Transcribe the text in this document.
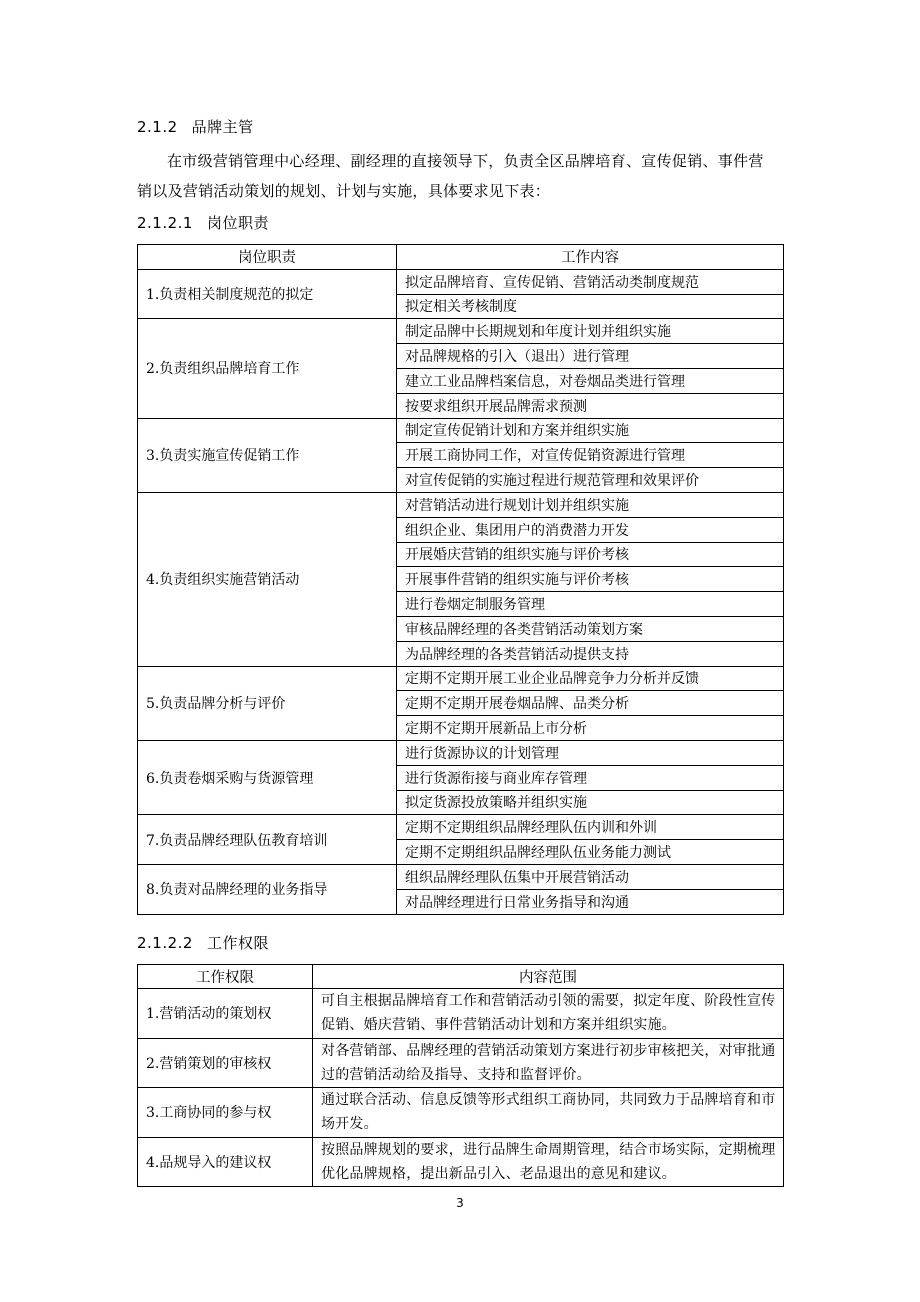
2.1.2 品牌主管
在市级营销管理中心经理、副经理的直接领导下，负责全区品牌培育、宣传促销、事件营销以及营销活动策划的规划、计划与实施，具体要求见下表：
2.1.2.1 岗位职责
岗位职责	工作内容
1.负责相关制度规范的拟定	拟定品牌培育、宣传促销、营销活动类制度规范
	拟定相关考核制度
2.负责组织品牌培育工作	制定品牌中长期规划和年度计划并组织实施
	对品牌规格的引入（退出）进行管理
	建立工业品牌档案信息，对卷烟品类进行管理
	按要求组织开展品牌需求预测
3.负责实施宣传促销工作	制定宣传促销计划和方案并组织实施
	开展工商协同工作，对宣传促销资源进行管理
	对宣传促销的实施过程进行规范管理和效果评价
4.负责组织实施营销活动	对营销活动进行规划计划并组织实施
	组织企业、集团用户的消费潜力开发
	开展婚庆营销的组织实施与评价考核
	开展事件营销的组织实施与评价考核
	进行卷烟定制服务管理
	审核品牌经理的各类营销活动策划方案
	为品牌经理的各类营销活动提供支持
5.负责品牌分析与评价	定期不定期开展工业企业品牌竞争力分析并反馈
	定期不定期开展卷烟品牌、品类分析
	定期不定期开展新品上市分析
6.负责卷烟采购与货源管理	进行货源协议的计划管理
	进行货源衔接与商业库存管理
	拟定货源投放策略并组织实施
7.负责品牌经理队伍教育培训	定期不定期组织品牌经理队伍内训和外训
	定期不定期组织品牌经理队伍业务能力测试
8.负责对品牌经理的业务指导	组织品牌经理队伍集中开展营销活动
	对品牌经理进行日常业务指导和沟通
2.1.2.2 工作权限
工作权限	内容范围
1.营销活动的策划权	可自主根据品牌培育工作和营销活动引领的需要，拟定年度、阶段性宣传促销、婚庆营销、事件营销活动计划和方案并组织实施。
2.营销策划的审核权	对各营销部、品牌经理的营销活动策划方案进行初步审核把关，对审批通过的营销活动给及指导、支持和监督评价。
3.工商协同的参与权	通过联合活动、信息反馈等形式组织工商协同，共同致力于品牌培育和市场开发。
4.品规导入的建议权	按照品牌规划的要求，进行品牌生命周期管理，结合市场实际，定期梳理优化品牌规格，提出新品引入、老品退出的意见和建议。
3
